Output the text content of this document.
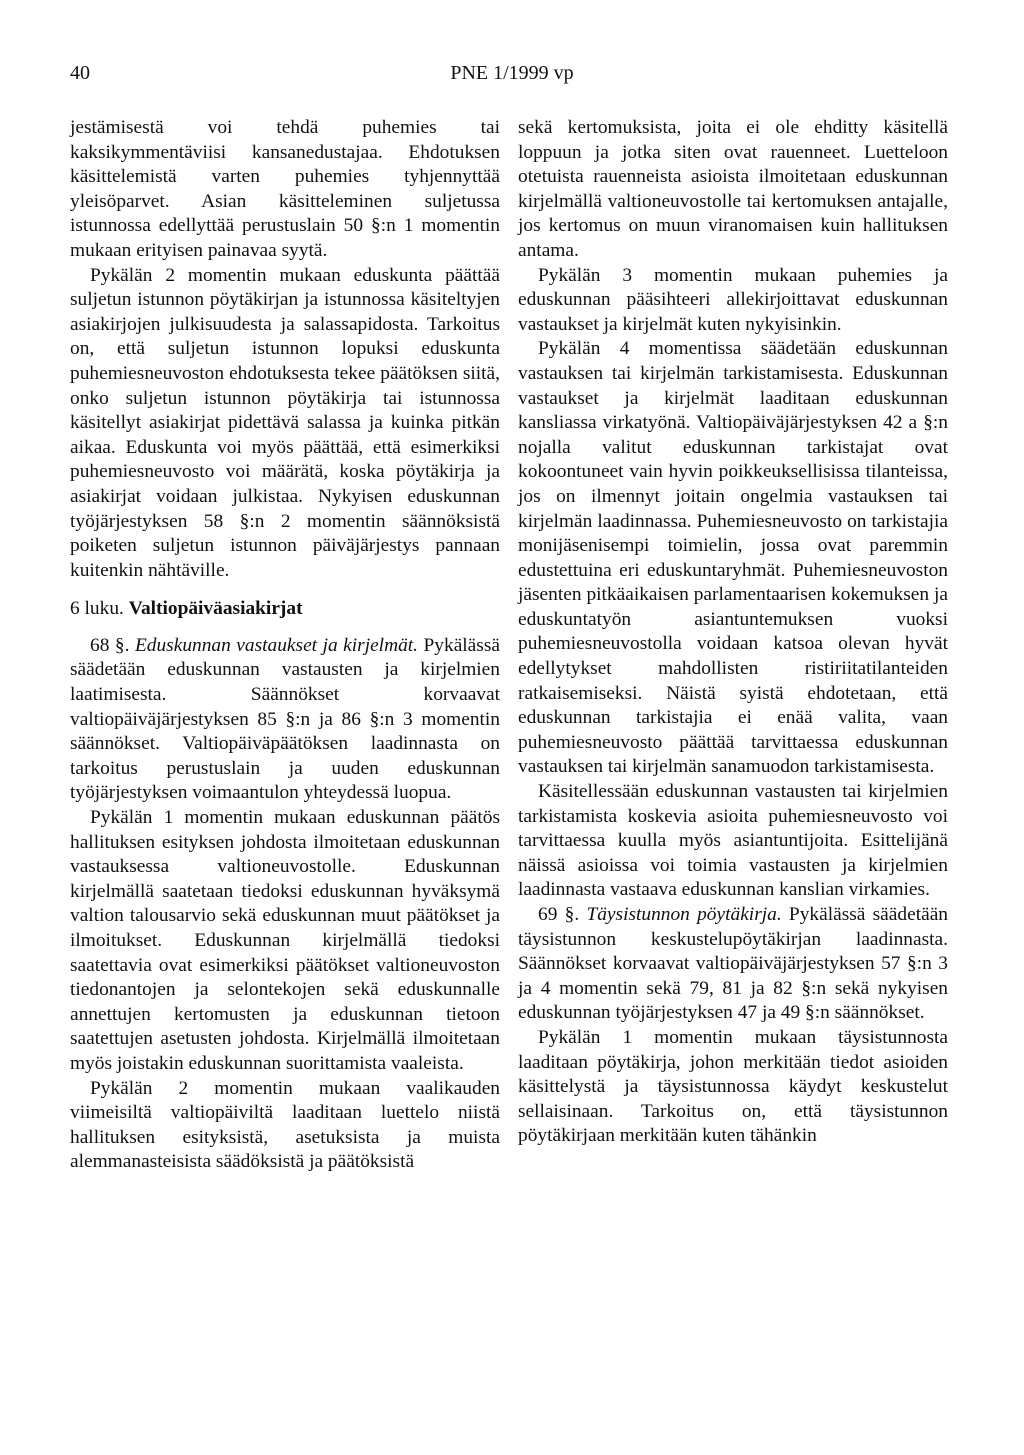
40	PNE 1/1999 vp

jestämisestä voi tehdä puhemies tai kaksikymmentäviisi kansanedustajaa. Ehdotuksen käsittelemistä varten puhemies tyhjennyttää yleisöparvet. Asian käsitteleminen suljetussa istunnossa edellyttää perustuslain 50 §:n 1 momentin mukaan erityisen painavaa syytä.

Pykälän 2 momentin mukaan eduskunta päättää suljetun istunnon pöytäkirjan ja istunnossa käsiteltyjen asiakirjojen julkisuudesta ja salassapidosta. Tarkoitus on, että suljetun istunnon lopuksi eduskunta puhemiesneuvoston ehdotuksesta tekee päätöksen siitä, onko suljetun istunnon pöytäkirja tai istunnossa käsitellyt asiakirjat pidettävä salassa ja kuinka pitkän aikaa. Eduskunta voi myös päättää, että esimerkiksi puhemiesneuvosto voi määrätä, koska pöytäkirja ja asiakirjat voidaan julkistaa. Nykyisen eduskunnan työjärjestyksen 58 §:n 2 momentin säännöksistä poiketen suljetun istunnon päiväjärjestys pannaan kuitenkin nähtäville.

6 luku. Valtiopäiväasiakirjat

68 §. Eduskunnan vastaukset ja kirjelmät. Pykälässä säädetään eduskunnan vastausten ja kirjelmien laatimisesta. Säännökset korvaavat valtiopäiväjärjestyksen 85 §:n ja 86 §:n 3 momentin säännökset. Valtiopäiväpäätöksen laadinnasta on tarkoitus perustuslain ja uuden eduskunnan työjärjestyksen voimaantulon yhteydessä luopua.

Pykälän 1 momentin mukaan eduskunnan päätös hallituksen esityksen johdosta ilmoitetaan eduskunnan vastauksessa valtioneuvostolle. Eduskunnan kirjelmällä saatetaan tiedoksi eduskunnan hyväksymä valtion talousarvio sekä eduskunnan muut päätökset ja ilmoitukset. Eduskunnan kirjelmällä tiedoksi saatettavia ovat esimerkiksi päätökset valtioneuvoston tiedonantojen ja selontekojen sekä eduskunnalle annettujen kertomusten ja eduskunnan tietoon saatettujen asetusten johdosta. Kirjelmällä ilmoitetaan myös joistakin eduskunnan suorittamista vaaleista.

Pykälän 2 momentin mukaan vaalikauden viimeisiltä valtiopäiviltä laaditaan luettelo niistä hallituksen esityksistä, asetuksista ja muista alemmanasteisista säädöksistä ja päätöksistä

sekä kertomuksista, joita ei ole ehditty käsitellä loppuun ja jotka siten ovat rauenneet. Luetteloon otetuista rauenneista asioista ilmoitetaan eduskunnan kirjelmällä valtioneuvostolle tai kertomuksen antajalle, jos kertomus on muun viranomaisen kuin hallituksen antama.

Pykälän 3 momentin mukaan puhemies ja eduskunnan pääsihteeri allekirjoittavat eduskunnan vastaukset ja kirjelmät kuten nykyisinkin.

Pykälän 4 momentissa säädetään eduskunnan vastauksen tai kirjelmän tarkistamisesta. Eduskunnan vastaukset ja kirjelmät laaditaan eduskunnan kansliassa virkatyönä. Valtiopäiväjärjestyksen 42 a §:n nojalla valitut eduskunnan tarkistajat ovat kokoontuneet vain hyvin poikkeuksellisissa tilanteissa, jos on ilmennyt joitain ongelmia vastauksen tai kirjelmän laadinnassa. Puhemiesneuvosto on tarkistajia monijäsenisempi toimielin, jossa ovat paremmin edustettuina eri eduskuntaryhmät. Puhemiesneuvoston jäsenten pitkäaikaisen parlamentaarisen kokemuksen ja eduskuntatyön asiantuntemuksen vuoksi puhemiesneuvostolla voidaan katsoa olevan hyvät edellytykset mahdollisten ristiriitatilanteiden ratkaisemiseksi. Näistä syistä ehdotetaan, että eduskunnan tarkistajia ei enää valita, vaan puhemiesneuvosto päättää tarvittaessa eduskunnan vastauksen tai kirjelmän sanamuodon tarkistamisesta.

Käsitellessään eduskunnan vastausten tai kirjelmien tarkistamista koskevia asioita puhemiesneuvosto voi tarvittaessa kuulla myös asiantuntijoita. Esittelijänä näissä asioissa voi toimia vastausten ja kirjelmien laadinnasta vastaava eduskunnan kanslian virkamies.

69 §. Täysistunnon pöytäkirja. Pykälässä säädetään täysistunnon keskustelupöytäkirjan laadinnasta. Säännökset korvaavat valtiopäiväjärjestyksen 57 §:n 3 ja 4 momentin sekä 79, 81 ja 82 §:n sekä nykyisen eduskunnan työjärjestyksen 47 ja 49 §:n säännökset.

Pykälän 1 momentin mukaan täysistunnosta laaditaan pöytäkirja, johon merkitään tiedot asioiden käsittelystä ja täysistunnossa käydyt keskustelut sellaisinaan. Tarkoitus on, että täysistunnon pöytäkirjaan merkitään kuten tähänkin
